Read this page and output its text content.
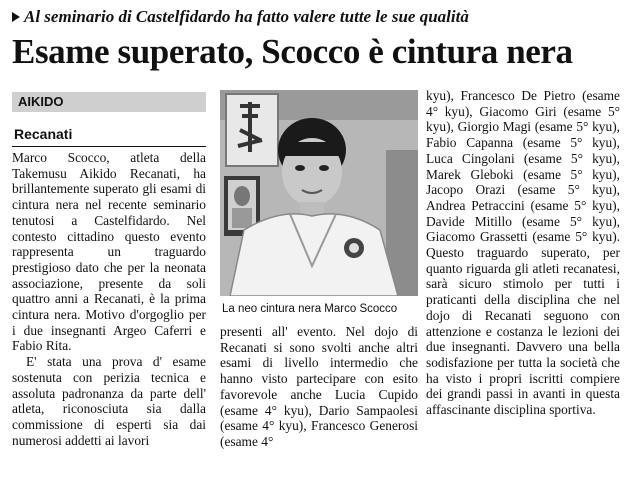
Al seminario di Castelfidardo ha fatto valere tutte le sue qualità
Esame superato, Scocco è cintura nera
AIKIDO
Recanati

Marco Scocco, atleta della Takemusu Aikido Recanati, ha brillantemente superato gli esami di cintura nera nel recente seminario tenutosi a Castelfidardo. Nel contesto cittadino questo evento rappresenta un traguardo prestigioso dato che per la neonata associazione, presente da soli quattro anni a Recanati, è la prima cintura nera. Motivo d'orgoglio per i due insegnanti Argeo Caferri e Fabio Rita.

E' stata una prova d' esame sostenuta con perizia tecnica e assoluta padronanza da parte dell' atleta, riconosciuta sia dalla commissione di esperti sia dai numerosi addetti ai lavori

La neo cintura nera Marco Scocco

presenti all' evento. Nel dojo di Recanati si sono svolti anche altri esami di livello intermedio che hanno visto partecipare con esito favorevole anche Lucia Cupido (esame 4° kyu), Dario Sampaolesi (esame 4° kyu), Francesco Generosi (esame 4°

kyu), Francesco De Pietro (esame 4° kyu), Giacomo Giri (esame 5° kyu), Giorgio Magi (esame 5° kyu), Fabio Capanna (esame 5° kyu), Luca Cingolani (esame 5° kyu), Marek Gleboki (esame 5° kyu), Jacopo Orazi (esame 5° kyu), Andrea Petraccini (esame 5° kyu), Davide Mitillo (esame 5° kyu), Giacomo Grassetti (esame 5° kyu). Questo traguardo superato, per quanto riguarda gli atleti recanatesi, sarà sicuro stimolo per tutti i praticanti della disciplina che nel dojo di Recanati seguono con attenzione e costanza le lezioni dei due insegnanti. Davvero una bella sodisfazione per tutta la società che ha visto i propri iscritti compiere dei grandi passi in avanti in questa affascinante disciplina sportiva.
